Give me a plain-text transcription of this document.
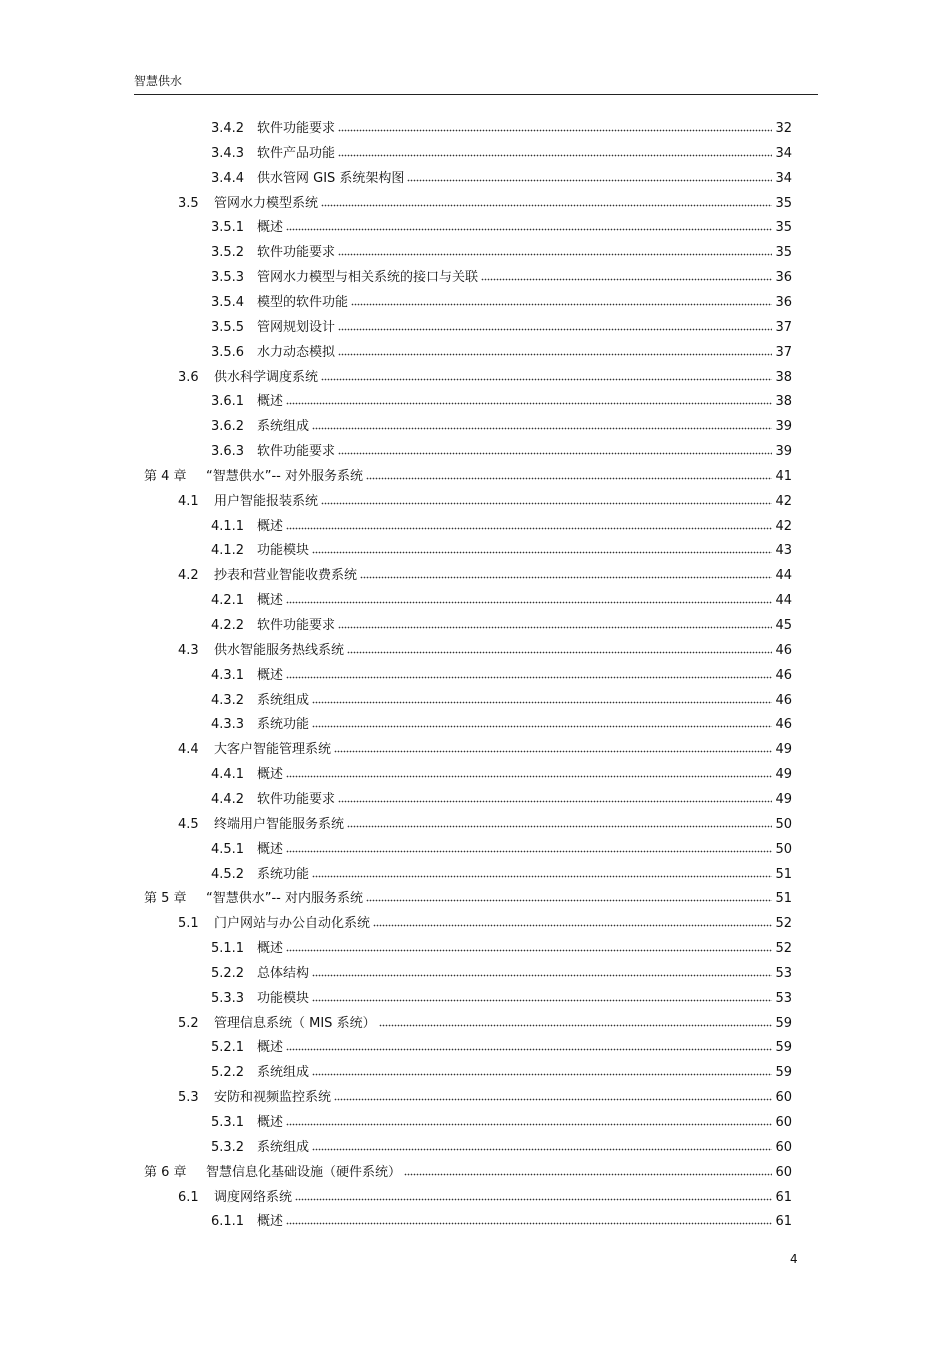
智慧供水
3.4.2 软件功能要求	32
3.4.3 软件产品功能	34
3.4.4 供水管网 GIS 系统架构图	34
3.5	管网水力模型系统	35
3.5.1 概述	35
3.5.2 软件功能要求	35
3.5.3 管网水力模型与相关系统的接口与关联	36
3.5.4 模型的软件功能	36
3.5.5 管网规划设计	37
3.5.6 水力动态模拟	37
3.6	供水科学调度系统	38
3.6.1 概述	38
3.6.2 系统组成	39
3.6.3 软件功能要求	39
第 4 章	“智慧供水”-- 对外服务系统	41
4.1	用户智能报装系统	42
4.1.1 概述	42
4.1.2 功能模块	43
4.2	抄表和营业智能收费系统	44
4.2.1 概述	44
4.2.2 软件功能要求	45
4.3	供水智能服务热线系统	46
4.3.1 概述	46
4.3.2 系统组成	46
4.3.3 系统功能	46
4.4	大客户智能管理系统	49
4.4.1 概述	49
4.4.2 软件功能要求	49
4.5	终端用户智能服务系统	50
4.5.1 概述	50
4.5.2 系统功能	51
第 5 章	“智慧供水”-- 对内服务系统	51
5.1	门户网站与办公自动化系统	52
5.1.1 概述	52
5.2.2 总体结构	53
5.3.3 功能模块	53
5.2	管理信息系统（ MIS 系统）	59
5.2.1 概述	59
5.2.2 系统组成	59
5.3	安防和视频监控系统	60
5.3.1 概述	60
5.3.2 系统组成	60
第 6 章	智慧信息化基础设施（硬件系统）	60
6.1	调度网络系统	61
6.1.1 概述	61
4
